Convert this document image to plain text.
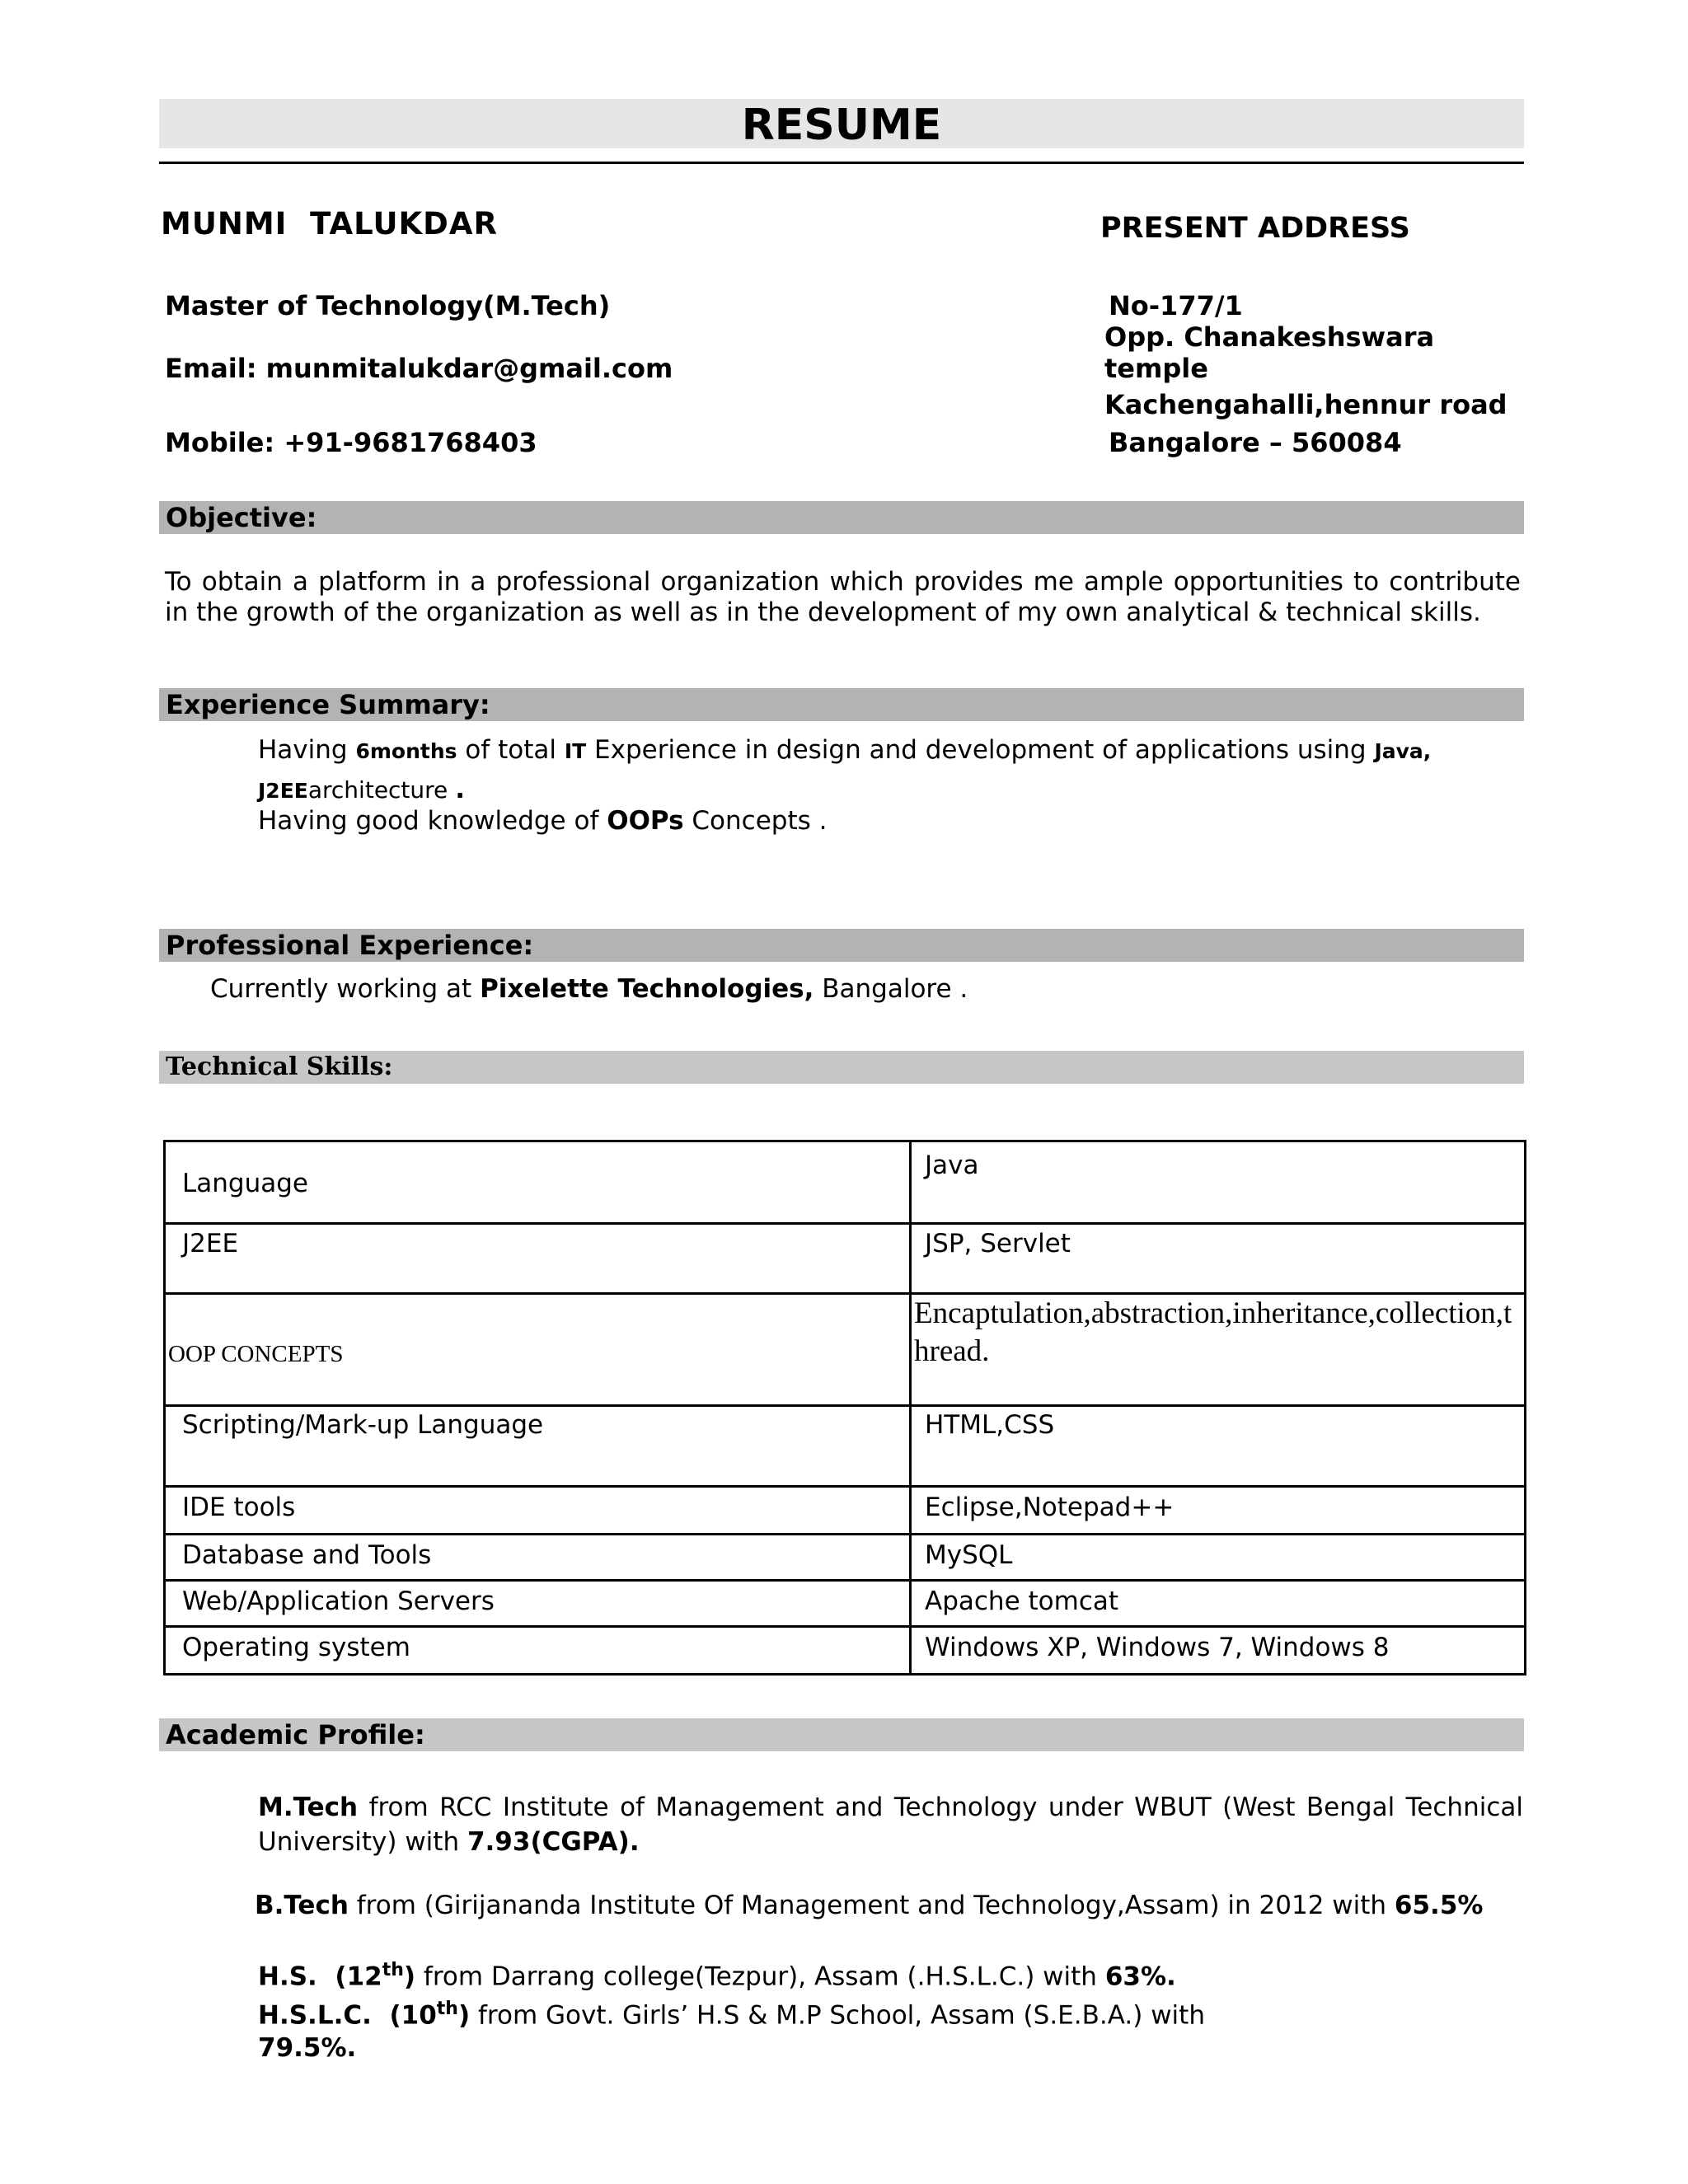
RESUME
MUNMI  TALUKDAR	PRESENT ADDRESS
Master of Technology(M.Tech)
Email: munmitalukdar@gmail.com
Mobile: +91-9681768403
No-177/1
Opp. Chanakeshswara temple
Kachengahalli,hennur road
Bangalore – 560084
Objective:
To obtain a platform in a professional organization which provides me ample opportunities to contribute in the growth of the organization as well as in the development of my own analytical & technical skills.
Experience Summary:
Having 6months of total IT Experience in design and development of applications using Java,
J2EEarchitecture .
Having good knowledge of OOPs Concepts .
Professional Experience:
Currently working at Pixelette Technologies, Bangalore .
Technical Skills:
Language	Java

J2EE	JSP, Servlet

OOP CONCEPTS	Encaptulation,abstraction,inheritance,collection,thread.

Scripting/Mark-up Language	HTML,CSS

IDE tools	Eclipse,Notepad++

Database and Tools	MySQL

Web/Application Servers	Apache tomcat

Operating system	Windows XP, Windows 7, Windows 8
Academic Profile:
M.Tech from RCC Institute of Management and Technology under WBUT (West Bengal Technical University) with 7.93(CGPA).
B.Tech from (Girijananda Institute Of Management and Technology,Assam) in 2012 with 65.5%
H.S.  (12th) from Darrang college(Tezpur), Assam (.H.S.L.C.) with 63%.
H.S.L.C.  (10th) from Govt. Girls’ H.S & M.P School, Assam (S.E.B.A.) with
79.5%.
